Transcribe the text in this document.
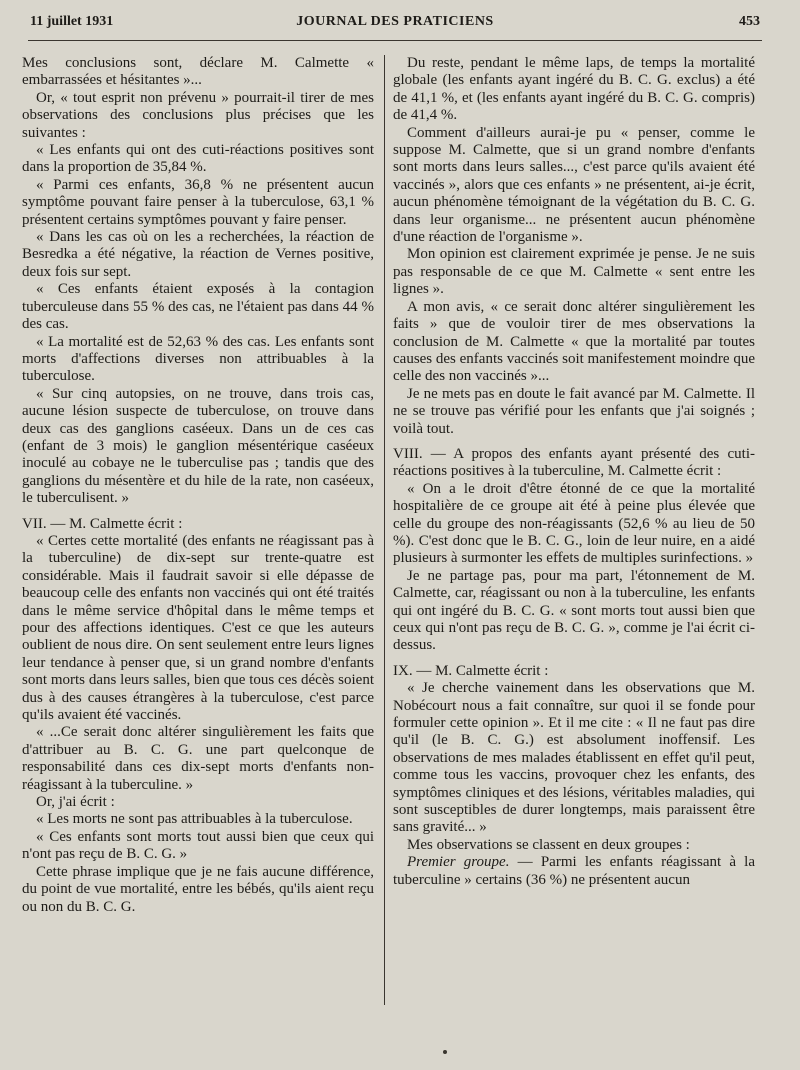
11 juillet 1931	JOURNAL DES PRATICIENS	453

Mes conclusions sont, déclare M. Calmette « embarrassées et hésitantes »...

Or, « tout esprit non prévenu » pourrait-il tirer de mes observations des conclusions plus précises que les suivantes :

« Les enfants qui ont des cuti-réactions positives sont dans la proportion de 35,84 %.

« Parmi ces enfants, 36,8 % ne présentent aucun symptôme pouvant faire penser à la tuberculose, 63,1 % présentent certains symptômes pouvant y faire penser.

« Dans les cas où on les a recherchées, la réaction de Besredka a été négative, la réaction de Vernes positive, deux fois sur sept.

« Ces enfants étaient exposés à la contagion tuberculeuse dans 55 % des cas, ne l'étaient pas dans 44 % des cas.

« La mortalité est de 52,63 % des cas. Les enfants sont morts d'affections diverses non attribuables à la tuberculose.

« Sur cinq autopsies, on ne trouve, dans trois cas, aucune lésion suspecte de tuberculose, on trouve dans deux cas des ganglions caséeux. Dans un de ces cas (enfant de 3 mois) le ganglion mésentérique caséeux inoculé au cobaye ne le tuberculise pas ; tandis que des ganglions du mésentère et du hile de la rate, non caséeux, le tuberculisent. »

VII. — M. Calmette écrit :

« Certes cette mortalité (des enfants ne réagissant pas à la tuberculine) de dix-sept sur trente-quatre est considérable. Mais il faudrait savoir si elle dépasse de beaucoup celle des enfants non vaccinés qui ont été traités dans le même service d'hôpital dans le même temps et pour des affections identiques. C'est ce que les auteurs oublient de nous dire. On sent seulement entre leurs lignes leur tendance à penser que, si un grand nombre d'enfants sont morts dans leurs salles, bien que tous ces décès soient dus à des causes étrangères à la tuberculose, c'est parce qu'ils avaient été vaccinés.

« ...Ce serait donc altérer singulièrement les faits que d'attribuer au B. C. G. une part quelconque de responsabilité dans ces dix-sept morts d'enfants non-réagissant à la tuberculine. »

Or, j'ai écrit :

« Les morts ne sont pas attribuables à la tuberculose.

« Ces enfants sont morts tout aussi bien que ceux qui n'ont pas reçu de B. C. G. »

Cette phrase implique que je ne fais aucune différence, du point de vue mortalité, entre les bébés, qu'ils aient reçu ou non du B. C. G.

Du reste, pendant le même laps, de temps la mortalité globale (les enfants ayant ingéré du B. C. G. exclus) a été de 41,1 %, et (les enfants ayant ingéré du B. C. G. compris) de 41,4 %.

Comment d'ailleurs aurai-je pu « penser, comme le suppose M. Calmette, que si un grand nombre d'enfants sont morts dans leurs salles..., c'est parce qu'ils avaient été vaccinés », alors que ces enfants » ne présentent, ai-je écrit, aucun phénomène témoignant de la végétation du B. C. G. dans leur organisme... ne présentent aucun phénomène d'une réaction de l'organisme ».

Mon opinion est clairement exprimée je pense. Je ne suis pas responsable de ce que M. Calmette « sent entre les lignes ».

A mon avis, « ce serait donc altérer singulièrement les faits » que de vouloir tirer de mes observations la conclusion de M. Calmette « que la mortalité par toutes causes des enfants vaccinés soit manifestement moindre que celle des non vaccinés »...

Je ne mets pas en doute le fait avancé par M. Calmette. Il ne se trouve pas vérifié pour les enfants que j'ai soignés ; voilà tout.

VIII. — A propos des enfants ayant présenté des cuti-réactions positives à la tuberculine, M. Calmette écrit :

« On a le droit d'être étonné de ce que la mortalité hospitalière de ce groupe ait été à peine plus élevée que celle du groupe des non-réagissants (52,6 % au lieu de 50 %). C'est donc que le B. C. G., loin de leur nuire, en a aidé plusieurs à surmonter les effets de multiples surinfections. »

Je ne partage pas, pour ma part, l'étonnement de M. Calmette, car, réagissant ou non à la tuberculine, les enfants qui ont ingéré du B. C. G. « sont morts tout aussi bien que ceux qui n'ont pas reçu de B. C. G. », comme je l'ai écrit ci-dessus.

IX. — M. Calmette écrit :

« Je cherche vainement dans les observations que M. Nobécourt nous a fait connaître, sur quoi il se fonde pour formuler cette opinion ». Et il me cite : « Il ne faut pas dire qu'il (le B. C. G.) est absolument inoffensif. Les observations de mes malades établissent en effet qu'il peut, comme tous les vaccins, provoquer chez les enfants, des symptômes cliniques et des lésions, véritables maladies, qui sont susceptibles de durer longtemps, mais paraissent être sans gravité... »

Mes observations se classent en deux groupes :

Premier groupe. — Parmi les enfants réagissant à la tuberculine » certains (36 %) ne présentent aucun
